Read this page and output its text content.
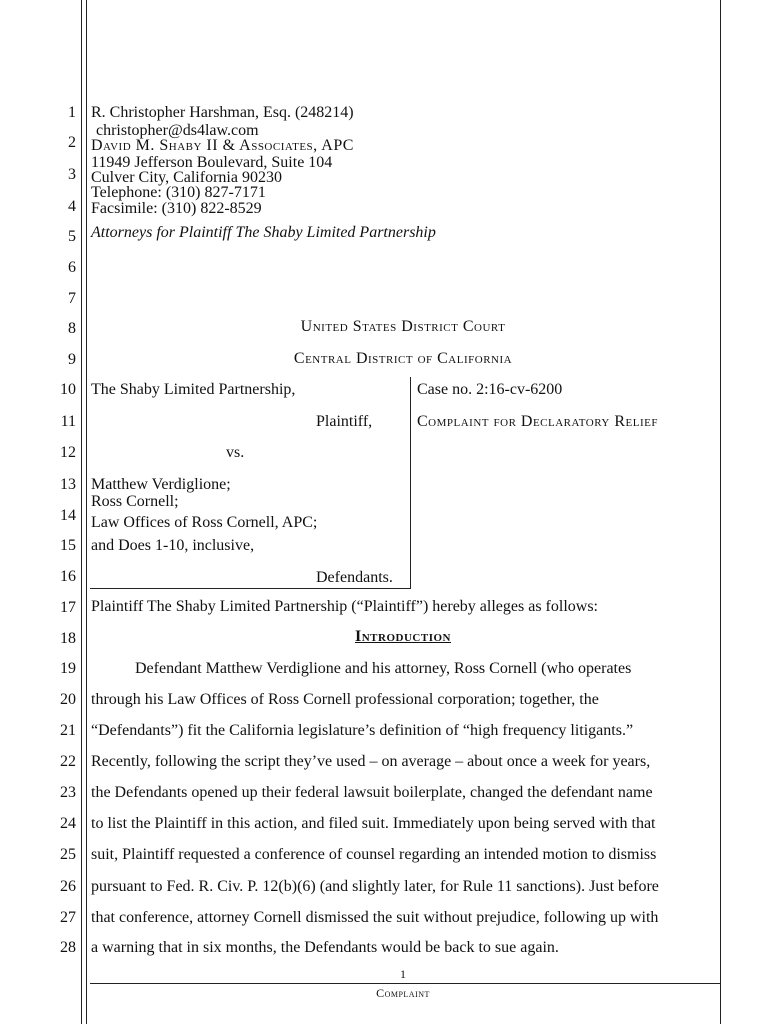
1
2
3
4
5
6
7
8
9
10
11
12
13
14
15
16
17
18
19
20
21
22
23
24
25
26
27
28
R. Christopher Harshman, Esq. (248214)
christopher@ds4law.com
David M. Shaby II & Associates, APC
11949 Jefferson Boulevard, Suite 104
Culver City, California 90230
Telephone: (310) 827-7171
Facsimile: (310) 822-8529
Attorneys for Plaintiff The Shaby Limited Partnership
United States District Court
Central District of California
The Shaby Limited Partnership,
Plaintiff,
vs.
Matthew Verdiglione;
Ross Cornell;
Law Offices of Ross Cornell, APC;
and Does 1-10, inclusive,
Defendants.
Case no. 2:16-cv-6200
Complaint for Declaratory Relief
Plaintiff The Shaby Limited Partnership (“Plaintiff”) hereby alleges as follows:
Introduction
Defendant Matthew Verdiglione and his attorney, Ross Cornell (who operates
through his Law Offices of Ross Cornell professional corporation; together, the
“Defendants”) fit the California legislature’s definition of “high frequency litigants.”
Recently, following the script they’ve used – on average – about once a week for years,
the Defendants opened up their federal lawsuit boilerplate, changed the defendant name
to list the Plaintiff in this action, and filed suit. Immediately upon being served with that
suit, Plaintiff requested a conference of counsel regarding an intended motion to dismiss
pursuant to Fed. R. Civ. P. 12(b)(6) (and slightly later, for Rule 11 sanctions). Just before
that conference, attorney Cornell dismissed the suit without prejudice, following up with
a warning that in six months, the Defendants would be back to sue again.
1
Complaint
